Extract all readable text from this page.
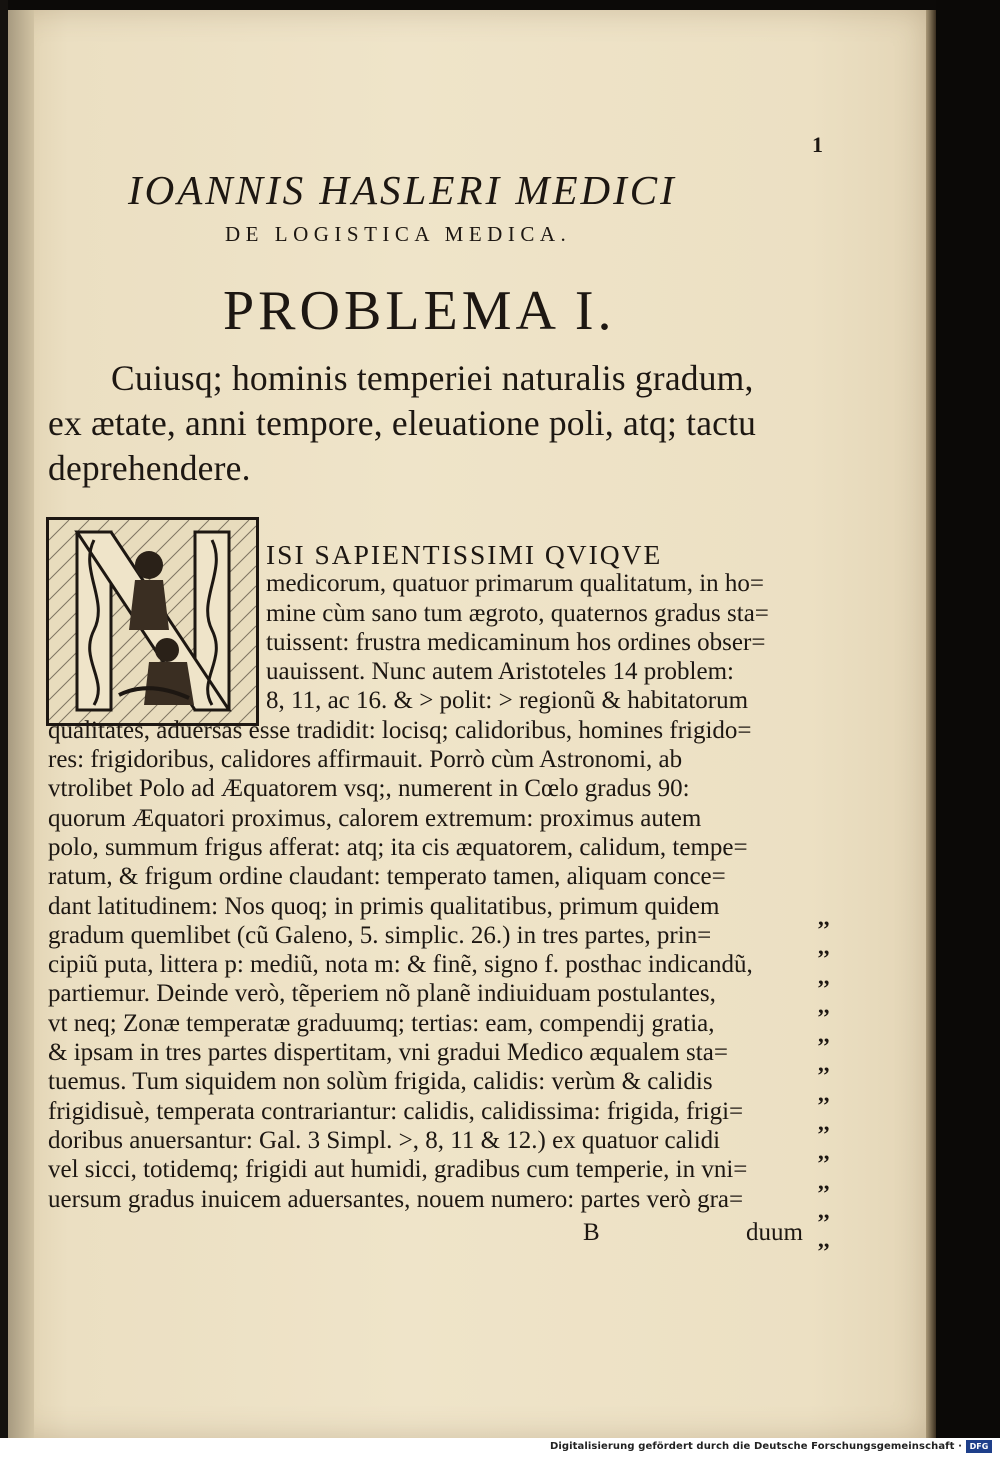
1
IOANNIS HASLERI MEDICI
DE LOGISTICA MEDICA.
PROBLEMA I.
Cuiusq; hominis temperiei naturalis gradum,
ex ætate, anni tempore, eleuatione poli, atq; tactu
deprehendere.
ISI SAPIENTISSIMI QVIQVE
medicorum, quatuor primarum qualitatum, in ho=
mine cùm sano tum ægroto, quaternos gradus sta=
tuissent: frustra medicaminum hos ordines obser=
uauissent. Nunc autem Aristoteles 14 problem:
8, 11, ac 16. & > polit: > regionũ & habitatorum
qualitates, aduersas esse tradidit: locisq; calidoribus, homines frigido=
res: frigidoribus, calidores affirmauit. Porrò cùm Astronomi, ab
vtrolibet Polo ad Æquatorem vsq;, numerent in Cœlo gradus 90:
quorum Æquatori proximus, calorem extremum: proximus autem
polo, summum frigus afferat: atq; ita cis æquatorem, calidum, tempe=
ratum, & frigum ordine claudant: temperato tamen, aliquam conce=
dant latitudinem: Nos quoq; in primis qualitatibus, primum quidem
gradum quemlibet (cũ Galeno, 5. simplic. 26.) in tres partes, prin=
cipiũ puta, littera p: mediũ, nota m: & finẽ, signo f. posthac indicandũ,
partiemur. Deinde verò, tẽperiem nõ planẽ indiuiduam postulantes,
vt neq; Zonæ temperatæ graduumq; tertias: eam, compendij gratia,
& ipsam in tres partes dispertitam, vni gradui Medico æqualem sta=
tuemus. Tum siquidem non solùm frigida, calidis: verùm & calidis
frigidisuè, temperata contrariantur: calidis, calidissima: frigida, frigi=
doribus anuersantur: Gal. 3 Simpl. >, 8, 11 & 12.) ex quatuor calidi
vel sicci, totidemq; frigidi aut humidi, gradibus cum temperie, in vni=
uersum gradus inuicem aduersantes, nouem numero: partes verò gra=
,,
,,
,,
,,
,,
,,
,,
,,
,,
,,
,,
,,
B	duum
Digitalisierung gefördert durch die Deutsche Forschungsgemeinschaft · DFG
